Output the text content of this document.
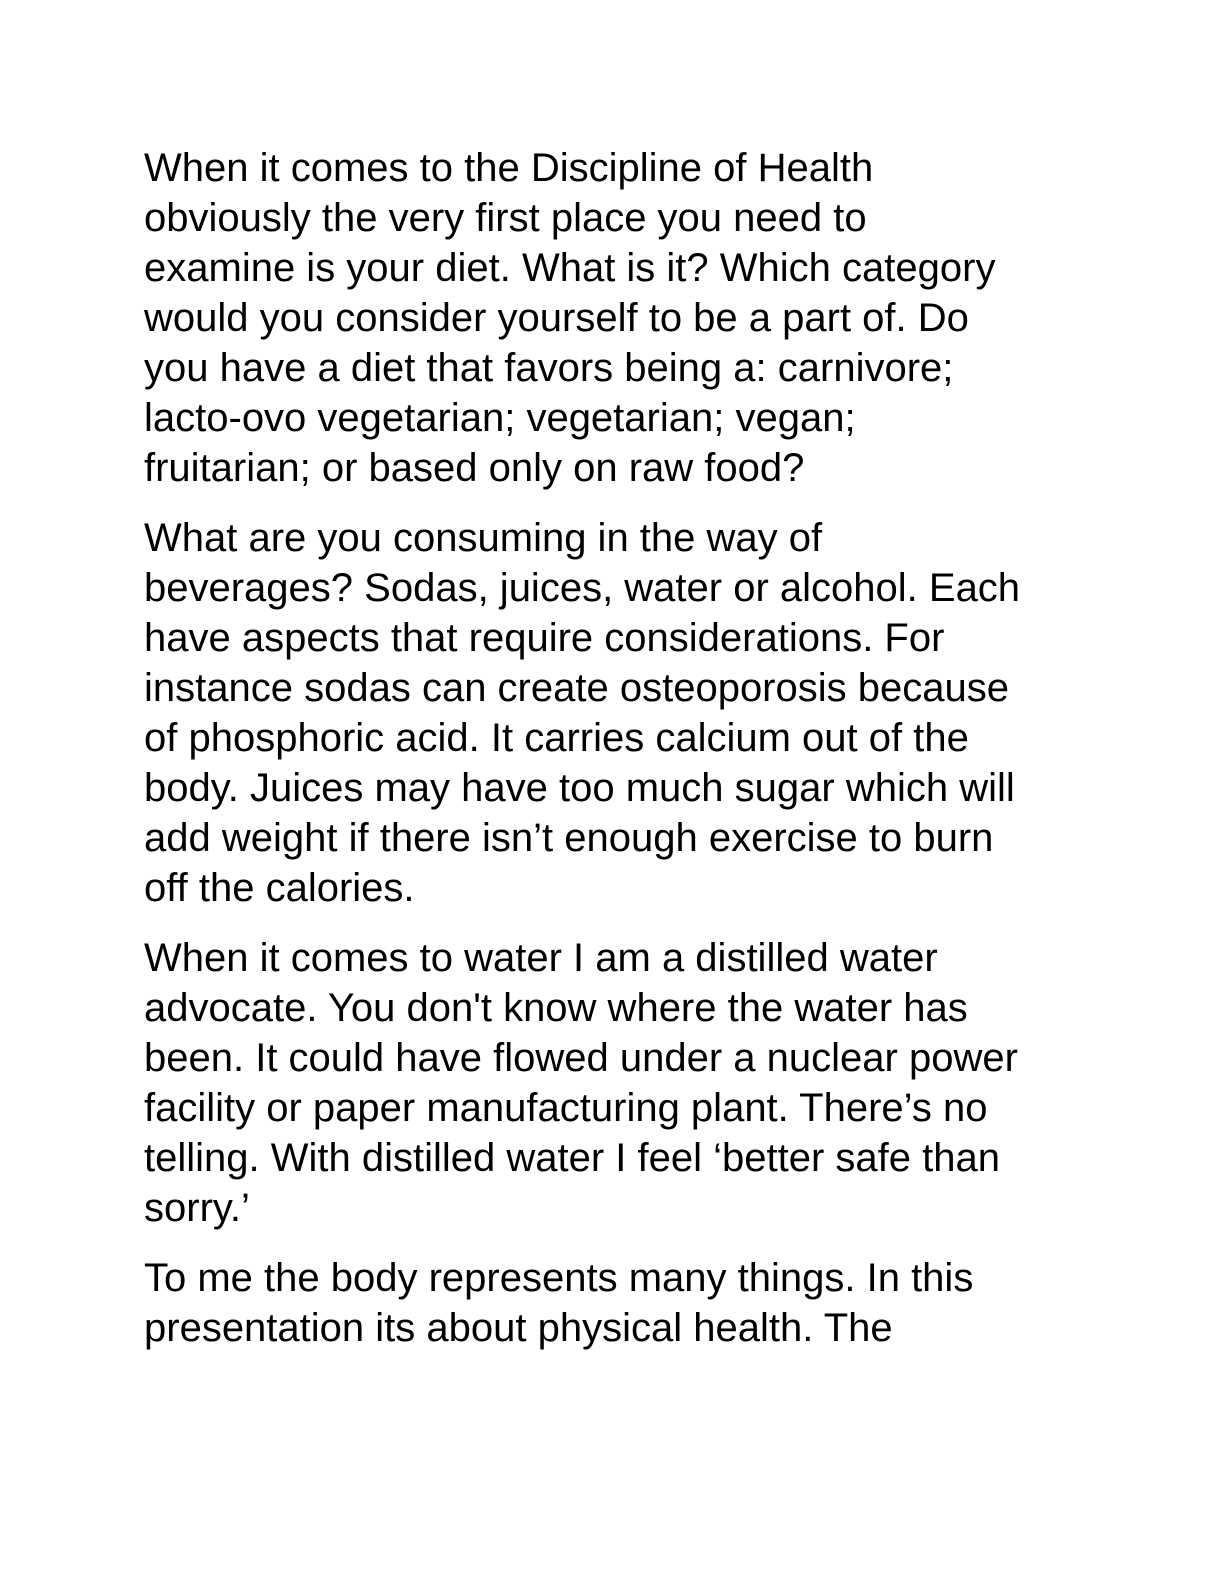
When it comes to the Discipline of Health
obviously the very first place you need to
examine is your diet. What is it? Which category
would you consider yourself to be a part of. Do
you have a diet that favors being a: carnivore;
lacto-ovo vegetarian; vegetarian; vegan;
fruitarian; or based only on raw food?
What are you consuming in the way of
beverages? Sodas, juices, water or alcohol. Each
have aspects that require considerations. For
instance sodas can create osteoporosis because
of phosphoric acid. It carries calcium out of the
body. Juices may have too much sugar which will
add weight if there isn’t enough exercise to burn
off the calories.
When it comes to water I am a distilled water
advocate. You don't know where the water has
been. It could have flowed under a nuclear power
facility or paper manufacturing plant. There’s no
telling. With distilled water I feel ‘better safe than
sorry.’
To me the body represents many things. In this
presentation its about physical health. The
